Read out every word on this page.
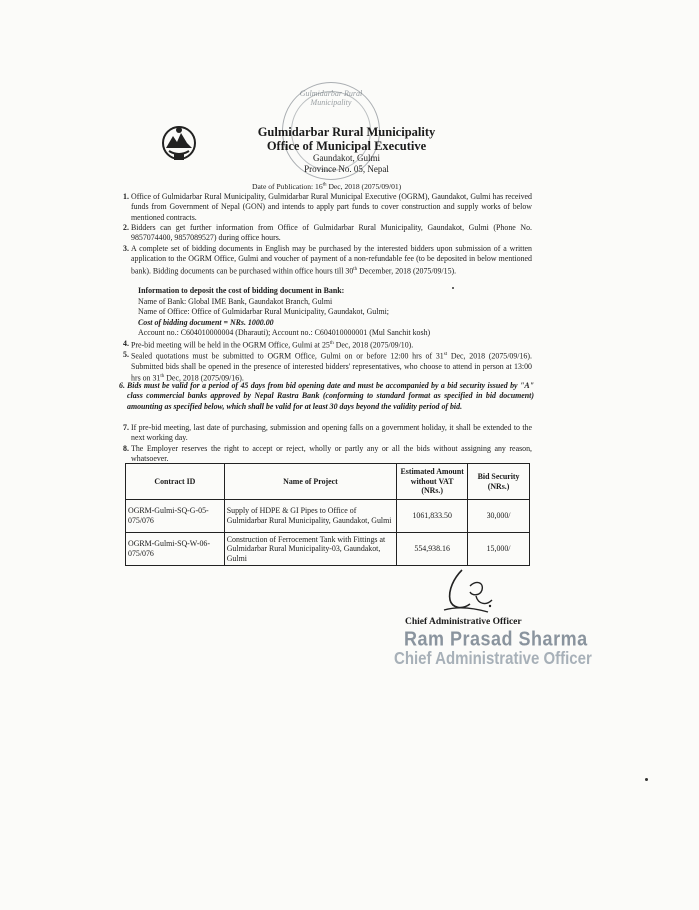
Gulmidarbar Rural Municipality
Gulmidarbar Rural Municipality
Office of Municipal Executive
Gaundakot, Gulmi
Province No. 05, Nepal
Date of Publication: 16th Dec, 2018 (2075/09/01)
1. Office of Gulmidarbar Rural Municipality, Gulmidarbar Rural Municipal Executive (OGRM), Gaundakot, Gulmi has received funds from Government of Nepal (GON) and intends to apply part funds to cover construction and supply works of below mentioned contracts.
2. Bidders can get further information from Office of Gulmidarbar Rural Municipality, Gaundakot, Gulmi (Phone No. 9857074400, 9857089527) during office hours.
3. A complete set of bidding documents in English may be purchased by the interested bidders upon submission of a written application to the OGRM Office, Gulmi and voucher of payment of a non-refundable fee (to be deposited in below mentioned bank). Bidding documents can be purchased within office hours till 30th December, 2018 (2075/09/15).
Information to deposit the cost of bidding document in Bank:
Name of Bank: Global IME Bank, Gaundakot Branch, Gulmi
Name of Office: Office of Gulmidarbar Rural Municipality, Gaundakot, Gulmi;
Cost of bidding document = NRs. 1000.00
Account no.: C604010000004 (Dharauti); Account no.: C604010000001 (Mul Sanchit kosh)
4. Pre-bid meeting will be held in the OGRM Office, Gulmi at 25th Dec, 2018 (2075/09/10).
5. Sealed quotations must be submitted to OGRM Office, Gulmi on or before 12:00 hrs of 31st Dec, 2018 (2075/09/16). Submitted bids shall be opened in the presence of interested bidders' representatives, who choose to attend in person at 13:00 hrs on 31th Dec, 2018 (2075/09/16).
6. Bids must be valid for a period of 45 days from bid opening date and must be accompanied by a bid security issued by "A" class commercial banks approved by Nepal Rastra Bank (conforming to standard format as specified in bid document) amounting as specified below, which shall be valid for at least 30 days beyond the validity period of bid.
7. If pre-bid meeting, last date of purchasing, submission and opening falls on a government holiday, it shall be extended to the next working day.
8. The Employer reserves the right to accept or reject, wholly or partly any or all the bids without assigning any reason, whatsoever.
Contract ID	Name of Project	Estimated Amount without VAT (NRs.)	Bid Security (NRs.)
OGRM-Gulmi-SQ-G-05-075/076	Supply of HDPE & GI Pipes to Office of Gulmidarbar Rural Municipality, Gaundakot, Gulmi	1061,833.50	30,000/
OGRM-Gulmi-SQ-W-06-075/076	Construction of Ferrocement Tank with Fittings at Gulmidarbar Rural Municipality-03, Gaundakot, Gulmi	554,938.16	15,000/
Chief Administrative Officer
Ram Prasad Sharma
Chief Administrative Officer
